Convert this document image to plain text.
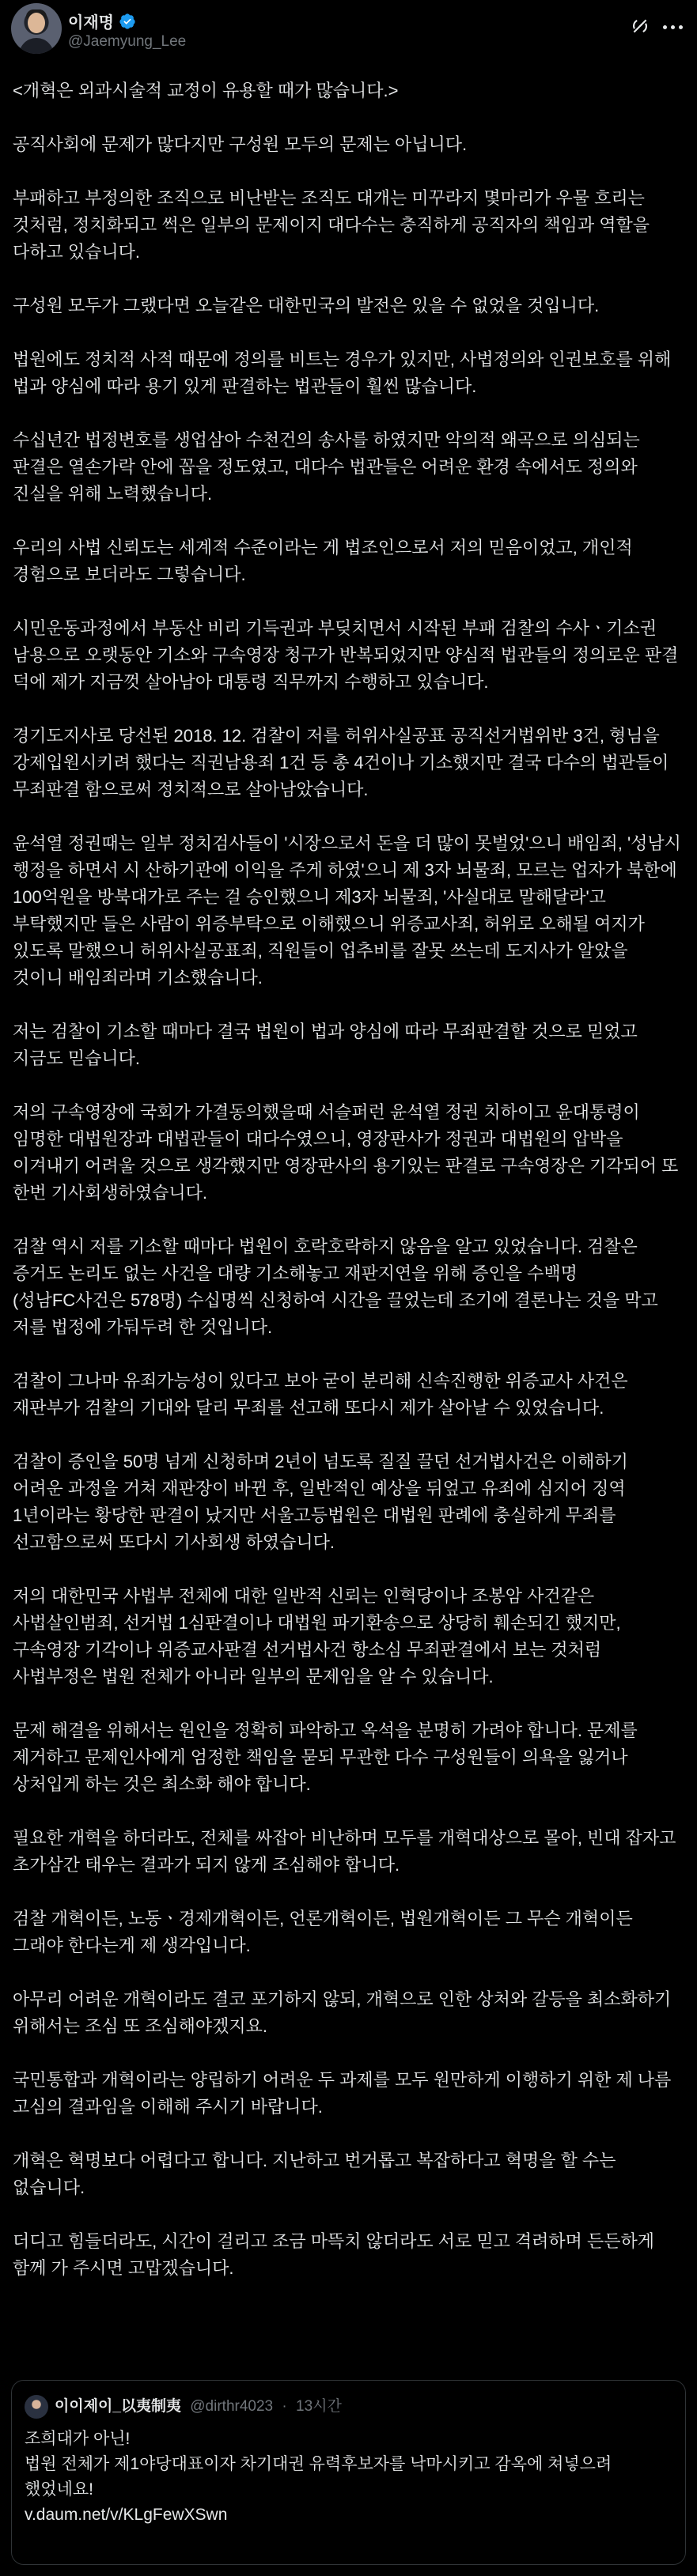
이재명
@Jaemyung_Lee
<개혁은 외과시술적 교정이 유용할 때가 많습니다.>
공직사회에 문제가 많다지만 구성원 모두의 문제는 아닙니다.
부패하고 부정의한 조직으로 비난받는 조직도 대개는 미꾸라지 몇마리가 우물 흐리는 것처럼, 정치화되고 썩은 일부의 문제이지 대다수는 충직하게 공직자의 책임과 역할을 다하고 있습니다.
구성원 모두가 그랬다면 오늘같은 대한민국의 발전은 있을 수 없었을 것입니다.
법원에도 정치적 사적 때문에 정의를 비트는 경우가 있지만, 사법정의와 인권보호를 위해 법과 양심에 따라 용기 있게 판결하는 법관들이 훨씬 많습니다.
수십년간 법정변호를 생업삼아 수천건의 송사를 하였지만 악의적 왜곡으로 의심되는 판결은 열손가락 안에 꼽을 정도였고, 대다수 법관들은 어려운 환경 속에서도 정의와 진실을 위해 노력했습니다.
우리의 사법 신뢰도는 세계적 수준이라는 게 법조인으로서 저의 믿음이었고, 개인적 경험으로 보더라도 그렇습니다.
시민운동과정에서 부동산 비리 기득권과 부딪치면서 시작된 부패 검찰의 수사ㆍ기소권 남용으로 오랫동안 기소와 구속영장 청구가 반복되었지만 양심적 법관들의 정의로운 판결 덕에 제가 지금껏 살아남아 대통령 직무까지 수행하고 있습니다.
경기도지사로 당선된 2018. 12. 검찰이 저를 허위사실공표 공직선거법위반 3건, 형님을 강제입원시키려 했다는 직권남용죄 1건 등 총 4건이나 기소했지만 결국 다수의 법관들이 무죄판결 함으로써 정치적으로 살아남았습니다.
윤석열 정권때는 일부 정치검사들이 '시장으로서 돈을 더 많이 못벌었'으니 배임죄, '성남시 행정을 하면서 시 산하기관에 이익을 주게 하였'으니 제 3자 뇌물죄, 모르는 업자가 북한에 100억원을 방북대가로 주는 걸 승인했으니 제3자 뇌물죄, '사실대로 말해달라'고 부탁했지만 들은 사람이 위증부탁으로 이해했으니 위증교사죄, 허위로 오해될 여지가 있도록 말했으니 허위사실공표죄, 직원들이 업추비를 잘못 쓰는데 도지사가 알았을 것이니 배임죄라며 기소했습니다.
저는 검찰이 기소할 때마다 결국 법원이 법과 양심에 따라 무죄판결할 것으로 믿었고 지금도 믿습니다.
저의 구속영장에 국회가 가결동의했을때 서슬퍼런 윤석열 정권 치하이고 윤대통령이 임명한 대법원장과 대법관들이 대다수였으니, 영장판사가 정권과 대법원의 압박을 이겨내기 어려울 것으로 생각했지만 영장판사의 용기있는 판결로 구속영장은 기각되어 또 한번 기사회생하였습니다.
검찰 역시 저를 기소할 때마다 법원이 호락호락하지 않음을 알고 있었습니다. 검찰은 증거도 논리도 없는 사건을 대량 기소해놓고 재판지연을 위해 증인을 수백명(성남FC사건은 578명) 수십명씩 신청하여 시간을 끌었는데 조기에 결론나는 것을 막고 저를 법정에 가둬두려 한 것입니다.
검찰이 그나마 유죄가능성이 있다고 보아 굳이 분리해 신속진행한 위증교사 사건은 재판부가 검찰의 기대와 달리 무죄를 선고해 또다시 제가 살아날 수 있었습니다.
검찰이 증인을 50명 넘게 신청하며 2년이 넘도록 질질 끌던 선거법사건은 이해하기 어려운 과정을 거쳐 재판장이 바뀐 후, 일반적인 예상을 뒤엎고 유죄에 심지어 징역 1년이라는 황당한 판결이 났지만 서울고등법원은 대법원 판례에 충실하게 무죄를 선고함으로써 또다시 기사회생 하였습니다.
저의 대한민국 사법부 전체에 대한 일반적 신뢰는 인혁당이나 조봉암 사건같은 사법살인범죄, 선거법 1심판결이나 대법원 파기환송으로 상당히 훼손되긴 했지만, 구속영장 기각이나 위증교사판결 선거법사건 항소심 무죄판결에서 보는 것처럼 사법부정은 법원 전체가 아니라 일부의 문제임을 알 수 있습니다.
문제 해결을 위해서는 원인을 정확히 파악하고 옥석을 분명히 가려야 합니다. 문제를 제거하고 문제인사에게 엄정한 책임을 묻되 무관한 다수 구성원들이 의욕을 잃거나 상처입게 하는 것은 최소화 해야 합니다.
필요한 개혁을 하더라도, 전체를 싸잡아 비난하며 모두를 개혁대상으로 몰아, 빈대 잡자고 초가삼간 태우는 결과가 되지 않게 조심해야 합니다.
검찰 개혁이든, 노동ㆍ경제개혁이든, 언론개혁이든, 법원개혁이든 그 무슨 개혁이든 그래야 한다는게 제 생각입니다.
아무리 어려운 개혁이라도 결코 포기하지 않되, 개혁으로 인한 상처와 갈등을 최소화하기 위해서는 조심 또 조심해야겠지요.
국민통합과 개혁이라는 양립하기 어려운 두 과제를 모두 원만하게 이행하기 위한 제 나름 고심의 결과임을 이해해 주시기 바랍니다.
개혁은 혁명보다 어렵다고 합니다. 지난하고 번거롭고 복잡하다고 혁명을 할 수는 없습니다.
더디고 힘들더라도, 시간이 걸리고 조금 마뜩치 않더라도 서로 믿고 격려하며 든든하게 함께 가 주시면 고맙겠습니다.
이이제이_以夷制夷 @dirthr4023 · 13시간
조희대가 아닌!
법원 전체가 제1야당대표이자 차기대권 유력후보자를 낙마시키고 감옥에 쳐넣으려 했었네요!
v.daum.net/v/KLgFewXSwn
